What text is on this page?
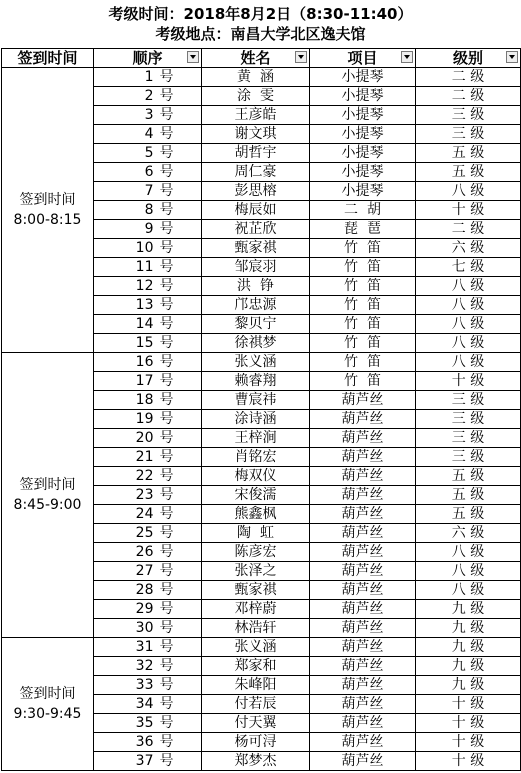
考级时间：2018年8月2日（8:30-11:40）
考级地点：南昌大学北区逸夫馆
签到时间	顺序	姓名	项目	级别

签到时间
8:00-8:15	1 号	黄  涵	小提琴	二 级
	2 号	涂  雯	小提琴	二 级
	3 号	王彦皓	小提琴	三 级
	4 号	谢文琪	小提琴	三 级
	5 号	胡哲宇	小提琴	五 级
	6 号	周仁豪	小提琴	五 级
	7 号	彭思榕	小提琴	八 级
	8 号	梅辰如	二  胡	十 级
	9 号	祝芷欣	琵  琶	二 级
	10 号	甄家祺	竹  笛	六 级
	11 号	邹宸羽	竹  笛	七 级
	12 号	洪  铮	竹  笛	八 级
	13 号	邝忠源	竹  笛	八 级
	14 号	黎贝宁	竹  笛	八 级
	15 号	徐祺梦	竹  笛	八 级

签到时间
8:45-9:00	16 号	张义涵	竹  笛	八 级
	17 号	赖睿翔	竹  笛	十 级
	18 号	曹宸祎	葫芦丝	三 级
	19 号	涂诗涵	葫芦丝	三 级
	20 号	王梓涧	葫芦丝	三 级
	21 号	肖铭宏	葫芦丝	三 级
	22 号	梅双仪	葫芦丝	五 级
	23 号	宋俊濡	葫芦丝	五 级
	24 号	熊鑫枫	葫芦丝	五 级
	25 号	陶  虹	葫芦丝	六 级
	26 号	陈彦宏	葫芦丝	八 级
	27 号	张泽之	葫芦丝	八 级
	28 号	甄家祺	葫芦丝	八 级
	29 号	邓梓蔚	葫芦丝	九 级
	30 号	林浩轩	葫芦丝	九 级

签到时间
9:30-9:45	31 号	张义涵	葫芦丝	九 级
	32 号	郑家和	葫芦丝	九 级
	33 号	朱峰阳	葫芦丝	九 级
	34 号	付若辰	葫芦丝	十 级
	35 号	付天翼	葫芦丝	十 级
	36 号	杨可浔	葫芦丝	十 级
	37 号	郑梦杰	葫芦丝	十 级
